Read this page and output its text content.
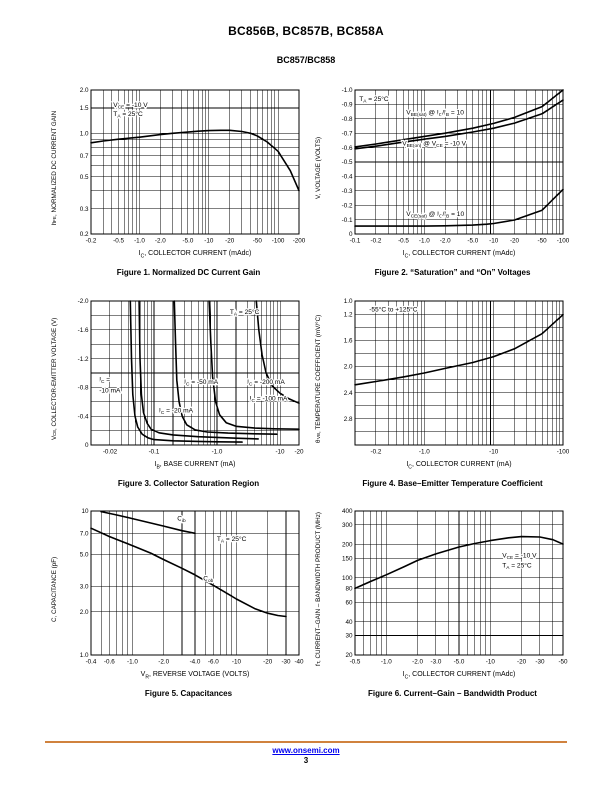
BC856B, BC857B, BC858A
BC857/BC858
h
FE
, NORMALIZED DC CURRENT GAIN
$V_{CE} = -10$ V
$T_A = 25^\circ C$
-0.2	-0.5 -1.0 -2.0	-5.0 -10 -20	-50 -100 -200
0.2
0.3
0.5
0.7
1.0
1.5
2.0
$I_C$, COLLECTOR CURRENT (mAdc)
Figure 1. Normalized DC Current Gain
V, VOLTAGE (VOLTS)
$T_A = 25^\circ C$
$V_{BE(sat)}$ @ $I_C/I_B = 10$
$V_{BE(on)}$ @ $V_{CE} = -10$ V
$V_{CE(sat)}$ @ $I_C/I_B = 10$
-0.1 -0.2	-0.5 -1.0 -2.0	-5.0 -10 -20	-50 -100
0
-0.1
-0.2
-0.3
-0.4
-0.5
-0.6
-0.7
-0.8
-0.9
-1.0
$I_C$, COLLECTOR CURRENT (mAdc)
Figure 2. “Saturation” and “On” Voltages
V
CE
, COLLECTOR-EMITTER VOLTAGE (V)
$T_A = 25^\circ C$
$I_C$ =
-10 mA
$I_C = -20$ mA
$I_C = -50$ mA	$I_C = -200$ mA
$I_C = -100$ mA
-0.02	-0.1	-1.0	-10 -20
0
-0.4
-0.8
-1.2
-1.6
-2.0
$I_B$, BASE CURRENT (mA)
Figure 3. Collector Saturation Region
θ
VB
, TEMPERATURE COEFFICIENT (mV/°C)
-55°C to +125°C
-0.2	-1.0	-10	-100
1.0
1.2
1.6
2.0
2.4
2.8
$I_C$, COLLECTOR CURRENT (mA)
Figure 4. Base–Emitter Temperature Coefficient
C, CAPACITANCE (pF)
$C_{ib}$
$T_A = 25^\circ C$
$C_{ob}$
-0.4 -0.6 -1.0	-2.0	-4.0 -6.0 -10	-20 -30 -40
1.0
2.0
3.0
5.0
7.0
10
$V_R$, REVERSE VOLTAGE (VOLTS)
Figure 5. Capacitances
f
T
, CURRENT–GAIN – BANDWIDTH PRODUCT (MHz)	$V_{CE} = -10$ V
$T_A = 25^\circ C$
-0.5	-1.0	-2.0 -3.0 -5.0	-10	-20 -30 -50
20
30
40
60
80
100
150
200
300
400
$I_C$, COLLECTOR CURRENT (mAdc)
Figure 6. Current–Gain – Bandwidth Product
www.onsemi.com
3
